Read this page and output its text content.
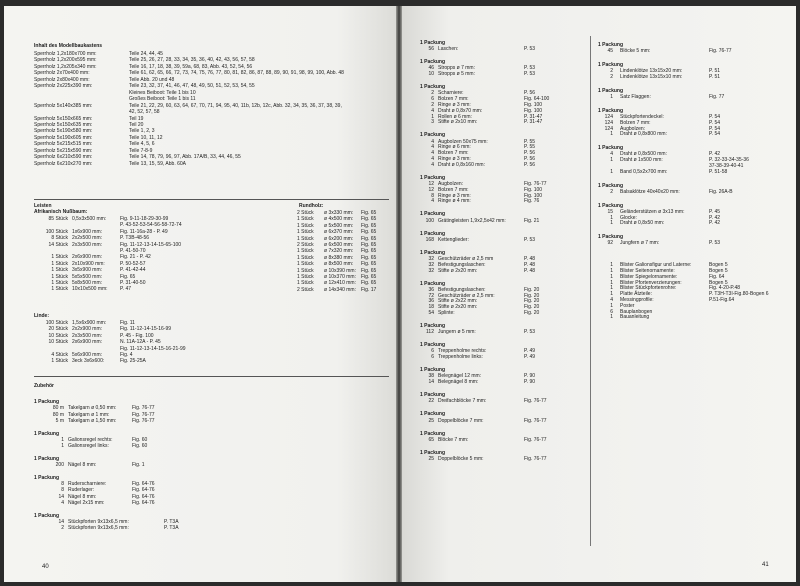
Inhalt des Modellbaukastens
Sperrholz 1,2x180x700 mm:	Teile 24, 44, 45
Sperrholz 1,2x200x595 mm:	Teile 25, 26, 27, 28, 33, 34, 35, 36, 40, 42, 43, 56, 57, 58
Sperrholz 1,2x205x340 mm:	Teile 16, 17, 18, 38, 39, 59a, 68, 83, Abb. 43, 52, 54, 56
Sperrholz 2x70x400 mm:	Teile 61, 62, 65, 66, 72, 73, 74, 75, 76, 77, 80, 81, 82, 86, 87, 88, 89, 90, 91, 98, 99, 100, Abb. 48
Sperrholz 2x80x400 mm:	Teile Abb. 20 und 48
Sperrholz 2x225x390 mm:	Teile 23, 32, 37, 41, 46, 47, 48, 49, 50, 51, 52, 53, 54, 55
Kleines Beiboot: Teile 1 bis 10
Großes Beiboot: Teile 1 bis 11
Sperrholz 5x140x385 mm:	Teile 21, 22, 29, 60, 63, 64, 67, 70, 71, 94, 95, 40, 11b, 12b, 12c, Abb. 32, 34, 35, 36, 37, 38, 39,
42, 52, 57, 58
Sperrholz 5x150x665 mm:	Teil 19
Sperrholz 5x150x635 mm:	Teil 20
Sperrholz 5x190x580 mm:	Teile 1, 2, 3
Sperrholz 5x190x605 mm:	Teile 10, 11, 12
Sperrholz 5x215x515 mm:	Teile 4, 5, 6
Sperrholz 5x215x590 mm:	Teile 7-8-9
Sperrholz 6x210x590 mm:	Teile 14, 78, 79, 96, 97, Abb. 17A/B, 33, 44, 46, 55
Sperrholz 6x210x270 mm:	Teile 13, 15, 59, Abb. 60A
Leisten
Afrikanisch Nußbaum:
85 Stück 0,5x3x500 mm:	Fig. 9-11-18-29-30-99
P. 43-52-53-54-56-58-72-74
100 Stück 1x6x900 mm:	Fig. 11-16a-28 - P. 49
8 Stück 2x2x500 mm:	P. T3B-48-56
14 Stück 2x3x500 mm:	Fig. 11-12-13-14-15-65-100
P. 41-50-70
1 Stück 2x6x900 mm:	Fig. 21 - P. 42
1 Stück 2x10x900 mm:	P. 50-52-57
1 Stück 3x5x900 mm:	P. 41-42-44
1 Stück 5x5x500 mm:	Fig. 65
1 Stück 5x8x500 mm:	P. 31-40-50
1 Stück 10x10x500 mm: P. 47
Linde:
100 Stück 1,5x6x900 mm:	Fig. 11
20 Stück 2x2x900 mm:	Fig. 11-12-14-15-16-99
10 Stück 2x3x500 mm:	P. 45 - Fig. 100
10 Stück 2x6x900 mm:	N. 11A-12A - P. 45
Fig. 11-12-13-14-15-16-21-99
4 Stück 5x6x900 mm:	Fig. 4
1 Stück 3eck 3x6x600:	Fig. 25-25A
Rundholz:
2 Stück ø 3x330 mm: Fig. 65
1 Stück ø 4x500 mm: Fig. 65
1 Stück ø 5x500 mm: Fig. 65
1 Stück ø 6x370 mm: Fig. 65
1 Stück ø 6x200 mm: Fig. 65
2 Stück ø 6x500 mm: Fig. 65
1 Stück ø 7x320 mm: Fig. 65
1 Stück ø 8x380 mm: Fig. 65
1 Stück ø 8x500 mm: Fig. 65
1 Stück ø 10x390 mm: Fig. 65
1 Stück ø 10x370 mm: Fig. 65
1 Stück ø 12x410 mm: Fig. 65
2 Stück ø 14x340 mm: Fig. 17
Zubehör
1 Packung
80 m Takelgarn ø 0,50 mm:	Fig. 76-77
80 m Takelgarn ø 1 mm:	Fig. 76-77
5 m Takelgarn ø 1,50 mm:	Fig. 76-77
1 Packung
1 Galionsregel rechts:	Fig. 60
1 Galionsregel links:	Fig. 60
1 Packung
200 Nägel 8 mm:	Fig. 1
1 Packung
8 Ruderscharniere:	Fig. 64-76
8 Ruderlager:	Fig. 64-76
14 Nägel 8 mm:	Fig. 64-76
4 Nägel 2x15 mm:	Fig. 64-76
1 Packung
14 Stückpforten 9x13x6,5 mm:	P. T3A
2 Stückpforten 9x13x6,5 mm:	P. T3A
40
1 Packung
56 Laschen:	P. 53
1 Packung
46 Stropps ø 7 mm:	P. 53
10 Stropps ø 5 mm:	P. 53
1 Packung
2 Scharniere:	P. 56
6 Bolzen 7 mm:	Fig. 64-100
2 Ringe ø 3 mm:	Fig. 100
4 Draht ø 0,8x70 mm:	Fig. 100
1 Rollen ø 6 mm:	P. 31-47
3 Stifte ø 2x10 mm:	P. 31-47
1 Packung
4 Augbolzen 50x75 mm:	P. 55
4 Ringe ø 6 mm:	P. 55
4 Bolzen 7 mm:	P. 56
4 Ringe ø 3 mm:	P. 56
4 Draht ø 0,8x160 mm:	P. 56
1 Packung
12 Augbolzen:	Fig. 76-77
12 Bolzen 7 mm:	Fig. 100
8 Ringe ø 3 mm:	Fig. 100
4 Ringe ø 4 mm:	Fig. 76
1 Packung
100 Grätingleisten 1,9x2,5x42 mm:	Fig. 21
1 Packung
168 Kettenglieder:	P. 53
1 Packung
32 Geschützräder ø 2,5 mm	P. 48
32 Befestigungslaschen:	P. 48
32 Stifte ø 2x20 mm:	P. 48
1 Packung
36 Befestigungslaschen:	Fig. 20
72 Geschützräder ø 2,5 mm:	Fig. 20
36 Stifte ø 2x22 mm:	Fig. 20
18 Stifte ø 2x20 mm:	Fig. 20
54 Splinte:	Fig. 20
1 Packung
112 Jungern ø 5 mm:	P. 53
1 Packung
6 Treppenholme rechts:	P. 49
6 Treppenholme links:	P. 49
1 Packung
38 Belegnägel 12 mm:	P. 90
14 Belegnägel 8 mm:	P. 90
1 Packung
22 Dreifachblöcke 7 mm:	Fig. 76-77
1 Packung
25 Doppelblöcke 7 mm:	Fig. 76-77
1 Packung
65 Blöcke 7 mm:	Fig. 76-77
1 Packung
25 Doppelblöcke 5 mm:	Fig. 76-77
1 Packung
45 Blöcke 5 mm:	Fig. 76-77
1 Packung
2 Lindenklötze 13x15x20 mm:	P. 51
2 Lindenklötze 13x15x10 mm:	P. 51
1 Packung
1 Satz Flaggen:	Fig. 77
1 Packung
124 Stückpfortendeckel:	P. 54
124 Bolzen 7 mm:	P. 54
124 Augbolzen:	P. 54
1 Draht ø 0,8x800 mm:	P. 54
1 Packung
4 Draht ø 0,8x500 mm:	P. 42
1 Draht ø 1x500 mm:	P. 32-33-34-35-36
37-38-39-40-41
1 Band 0,5x2x700 mm:	P. 51-58
1 Packung
2 Balsaklötze 40x40x20 mm:	Fig. 26A-B
1 Packung
15 Geländerstützen ø 3x13 mm:	P. 45
1 Glocke:	P. 42
1 Draht ø 0,8x50 mm:	P. 42
1 Packung
92 Jungfern ø 7 mm:	P. 53
1 Blister Galionsfigur und Laterne:	Bogen 5
1 Blister Seitenornamente:	Bogen 5
1 Blister Spiegelornamente:	Fig. 64
1 Blister Pfortenverzierungen:	Bogen 5
1 Blister Stückpfortenrohre:	Fig. 4-20-P.48
1 Platte Ätzteile:	P. T3H-T3I-Fig.80-Bogen 6
4 Messingprofile:	P.51-Fig.64
1 Poster
6 Bauplanbogen
1 Bauanleitung
41
